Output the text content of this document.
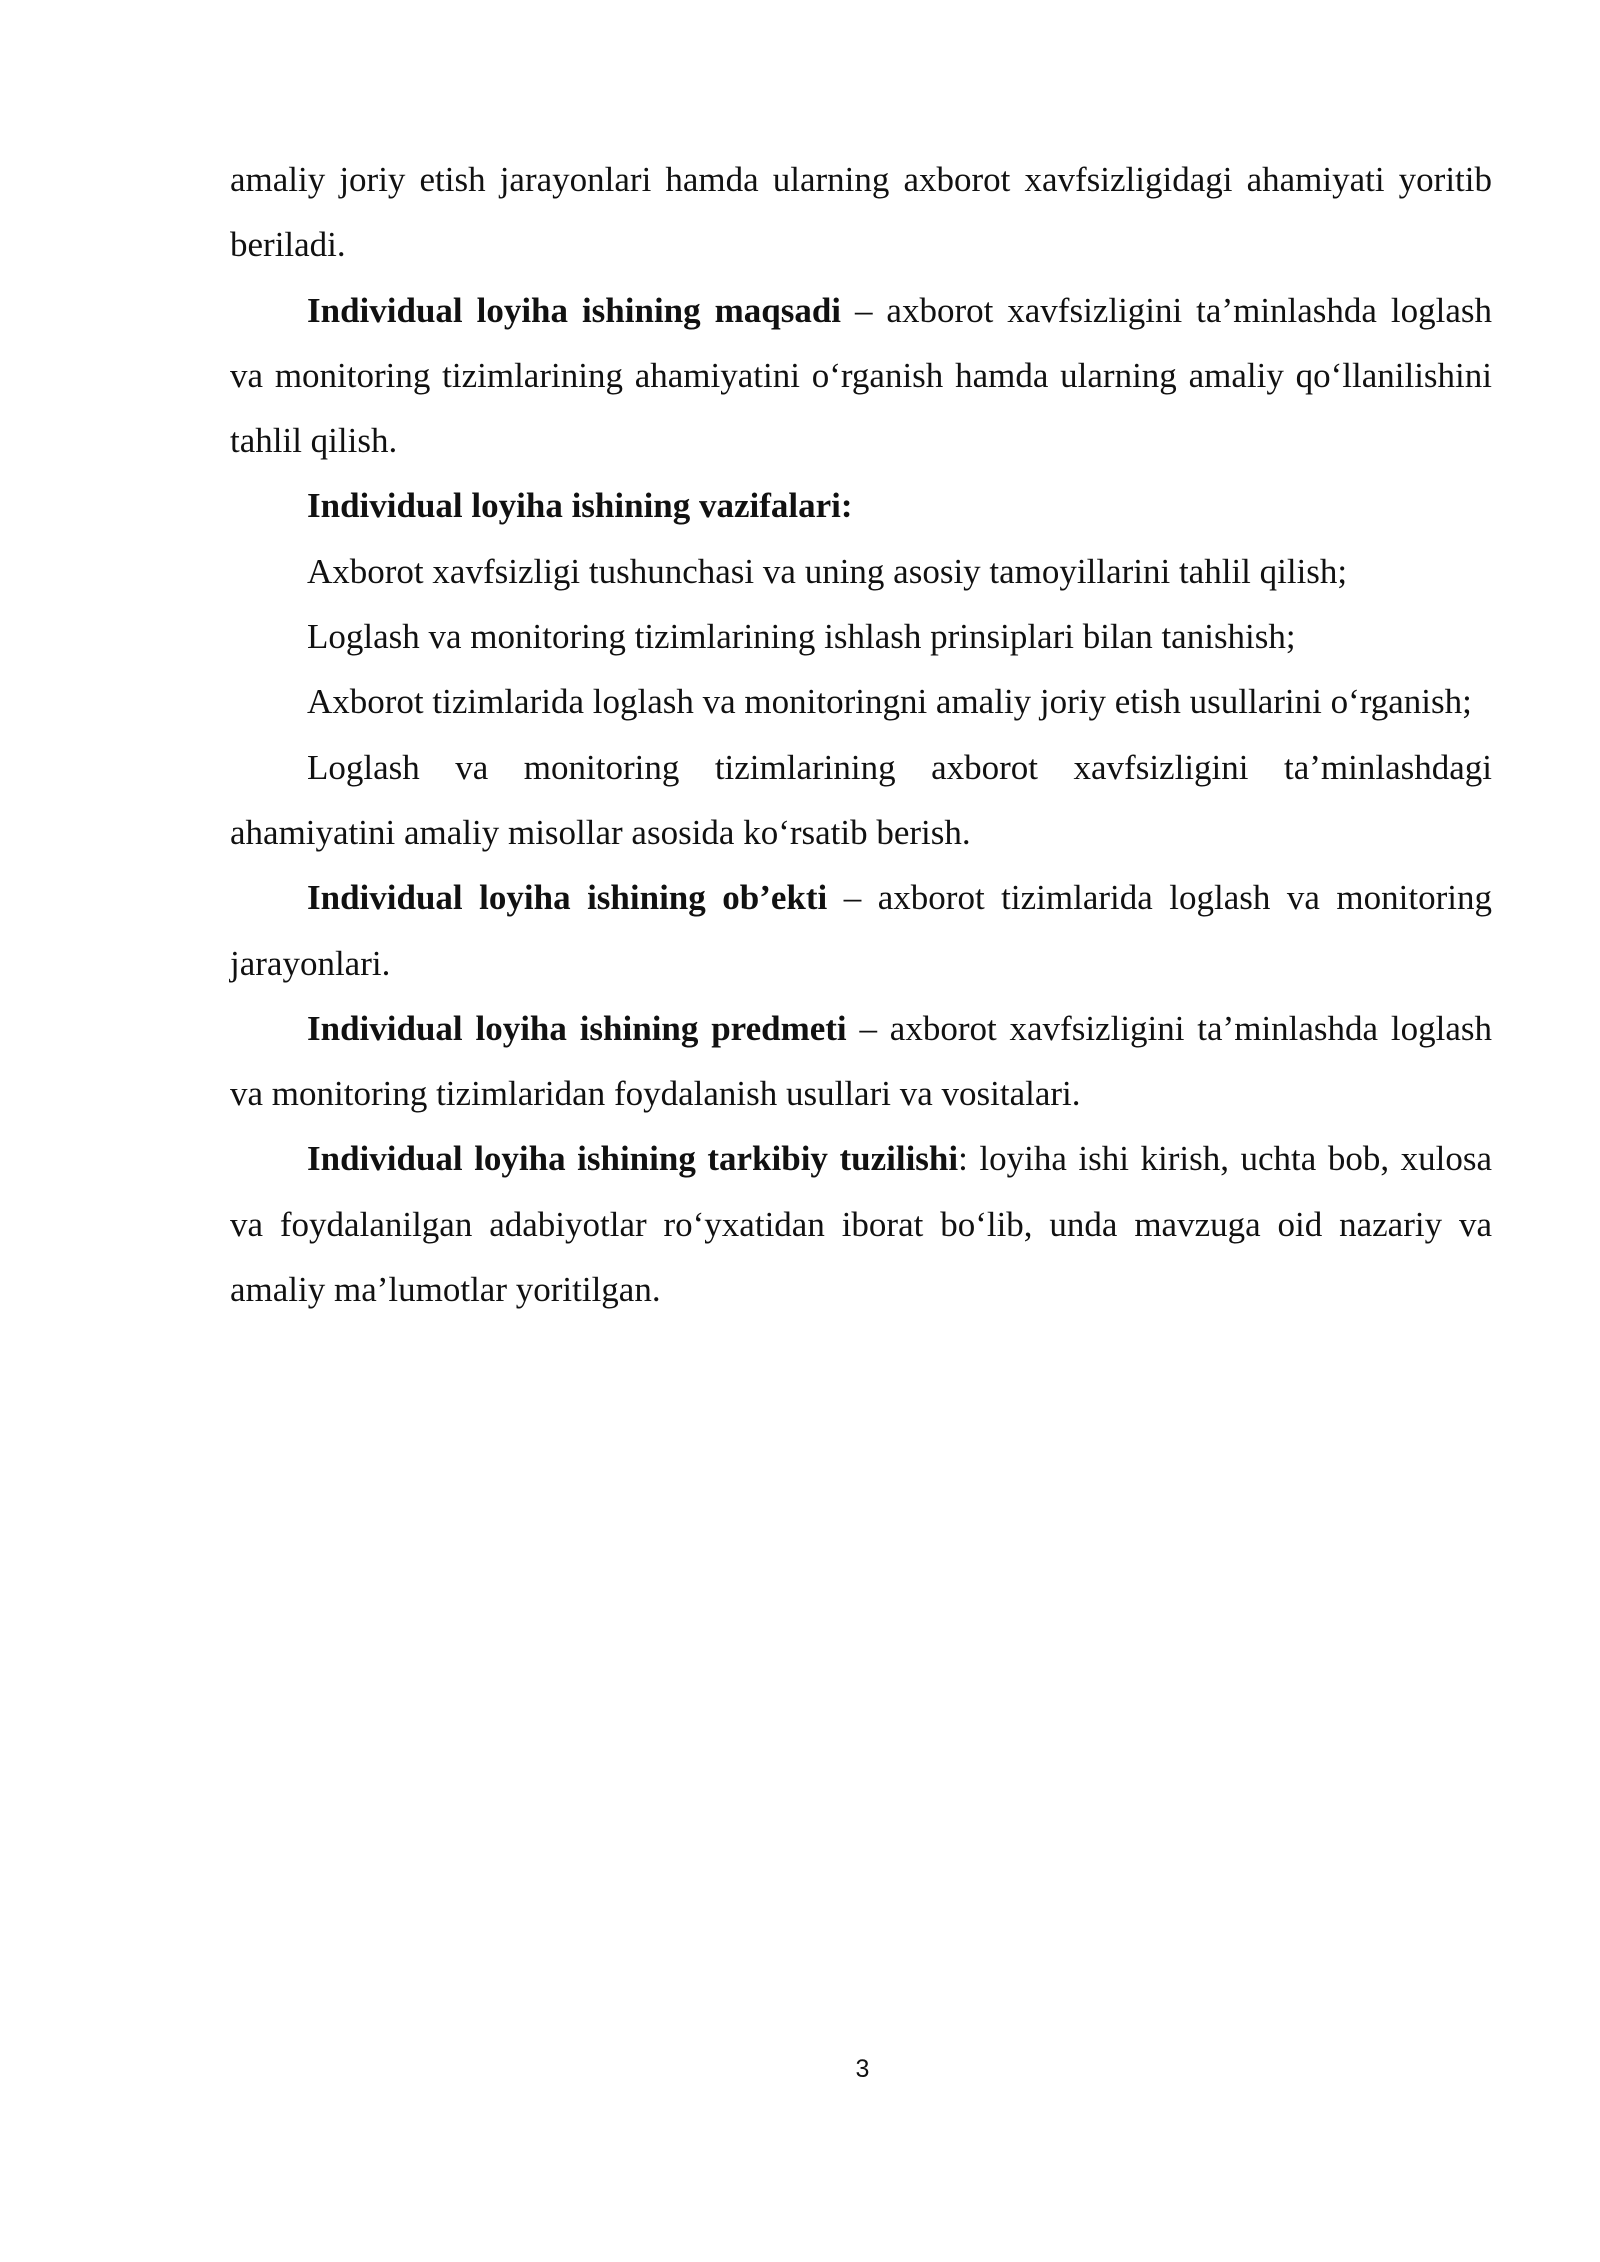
amaliy joriy etish jarayonlari hamda ularning axborot xavfsizligidagi ahamiyati yoritib beriladi.

Individual loyiha ishining maqsadi – axborot xavfsizligini ta’minlashda loglash va monitoring tizimlarining ahamiyatini o‘rganish hamda ularning amaliy qo‘llanilishini tahlil qilish.

Individual loyiha ishining vazifalari:

Axborot xavfsizligi tushunchasi va uning asosiy tamoyillarini tahlil qilish;

Loglash va monitoring tizimlarining ishlash prinsiplari bilan tanishish;

Axborot tizimlarida loglash va monitoringni amaliy joriy etish usullarini o‘rganish;

Loglash va monitoring tizimlarining axborot xavfsizligini ta’minlashdagi ahamiyatini amaliy misollar asosida ko‘rsatib berish.

Individual loyiha ishining ob’ekti – axborot tizimlarida loglash va monitoring jarayonlari.

Individual loyiha ishining predmeti – axborot xavfsizligini ta’minlashda loglash va monitoring tizimlaridan foydalanish usullari va vositalari.

Individual loyiha ishining tarkibiy tuzilishi: loyiha ishi kirish, uchta bob, xulosa va foydalanilgan adabiyotlar ro‘yxatidan iborat bo‘lib, unda mavzuga oid nazariy va amaliy ma’lumotlar yoritilgan.

3
